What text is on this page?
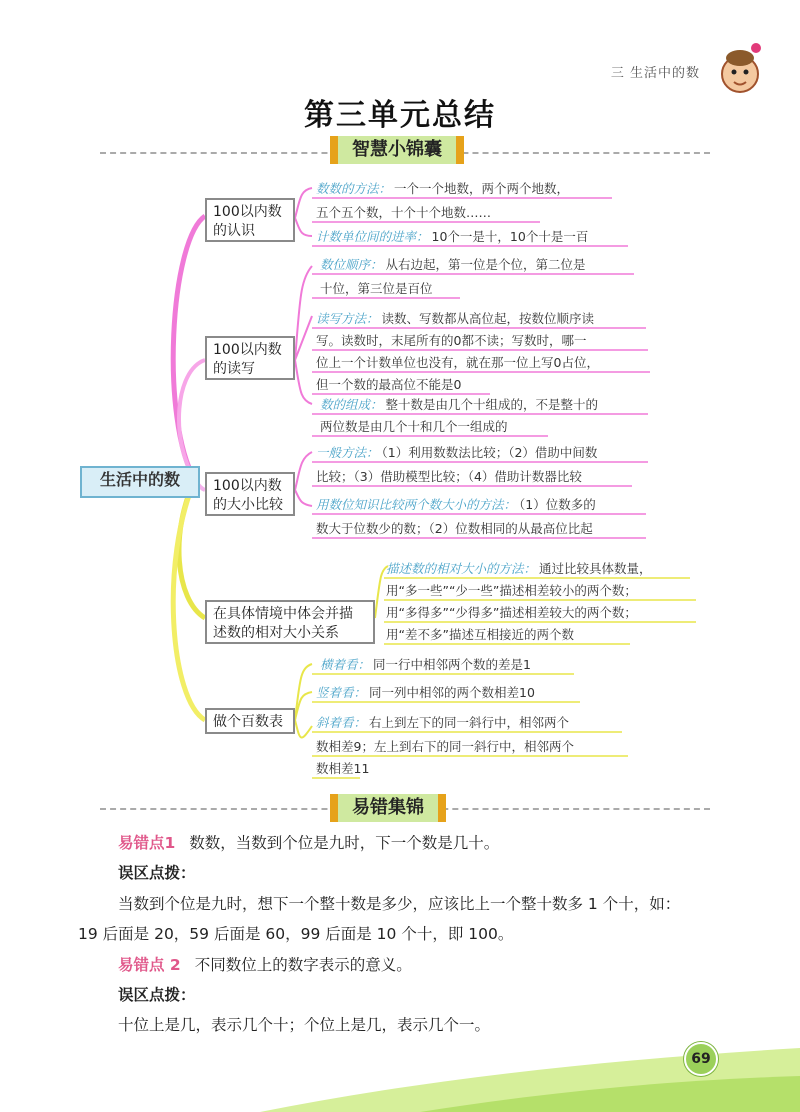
三 生活中的数
第三单元总结
智慧小锦囊
生活中的数
100以内数
的认识
100以内数
的读写
100以内数
的大小比较
在具体情境中体会并描
述数的相对大小关系
做个百数表
数数的方法： 一个一个地数，两个两个地数，
五个五个数，十个十个地数……
计数单位间的进率： 10个一是十，10个十是一百
数位顺序： 从右边起，第一位是个位，第二位是
十位，第三位是百位
读写方法： 读数、写数都从高位起，按数位顺序读
写。读数时，末尾所有的0都不读；写数时，哪一
位上一个计数单位也没有，就在那一位上写0占位，
但一个数的最高位不能是0
数的组成： 整十数是由几个十组成的，不是整十的
两位数是由几个十和几个一组成的
一般方法： （1）利用数数法比较；（2）借助中间数
比较；（3）借助模型比较；（4）借助计数器比较
用数位知识比较两个数大小的方法： （1）位数多的
数大于位数少的数；（2）位数相同的从最高位比起
描述数的相对大小的方法： 通过比较具体数量，
用“多一些”“少一些”描述相差较小的两个数；
用“多得多”“少得多”描述相差较大的两个数；
用“差不多”描述互相接近的两个数
横着看： 同一行中相邻两个数的差是1
竖着看： 同一列中相邻的两个数相差10
斜着看： 右上到左下的同一斜行中，相邻两个
数相差9；左上到右下的同一斜行中，相邻两个
数相差11
易错集锦
易错点1 数数，当数到个位是九时，下一个数是几十。
误区点拨：
当数到个位是九时，想下一个整十数是多少，应该比上一个整十数多 1 个十，如：
19 后面是 20，59 后面是 60，99 后面是 10 个十，即 100。
易错点 2 不同数位上的数字表示的意义。
误区点拨：
十位上是几，表示几个十；个位上是几，表示几个一。
69
